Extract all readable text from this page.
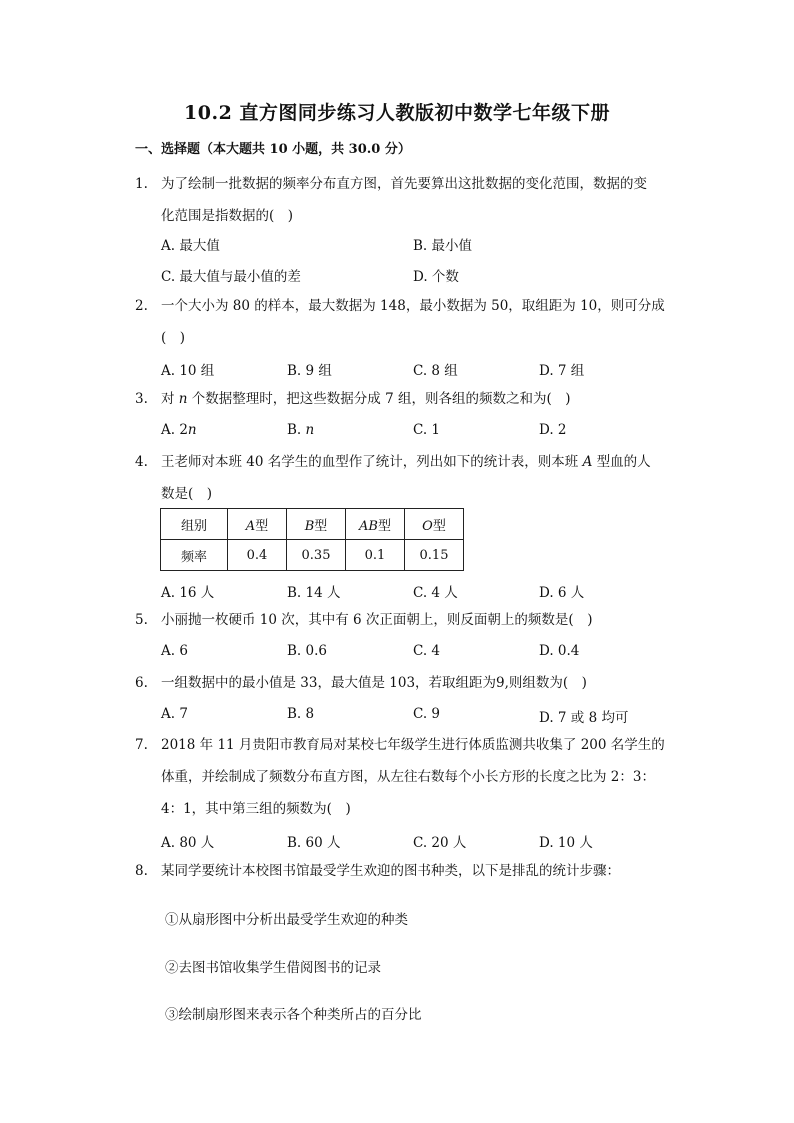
10.2 直方图同步练习人教版初中数学七年级下册
一、选择题（本大题共 10 小题，共 30.0 分）
1. 为了绘制一批数据的频率分布直方图，首先要算出这批数据的变化范围，数据的变
化范围是指数据的(　)
A. 最大值	B. 最小值
C. 最大值与最小值的差	D. 个数
2. 一个大小为 80 的样本，最大数据为 148，最小数据为 50，取组距为 10，则可分成
(　)
A. 10 组	B. 9 组	C. 8 组	D. 7 组
3. 对 n 个数据整理时，把这些数据分成 7 组，则各组的频数之和为(　)
A. 2n	B. n	C. 1	D. 2
4. 王老师对本班 40 名学生的血型作了统计，列出如下的统计表，则本班 A 型血的人
数是(　)
组别	A型	B型	AB型	O型
频率	0.4	0.35	0.1	0.15
A. 16 人	B. 14 人	C. 4 人	D. 6 人
5. 小丽抛一枚硬币 10 次，其中有 6 次正面朝上，则反面朝上的频数是(　)
A. 6	B. 0.6	C. 4	D. 0.4
6. 一组数据中的最小值是 33，最大值是 103，若取组距为9,则组数为(　)
A. 7	B. 8	C. 9	D. 7 或 8 均可
7. 2018 年 11 月贵阳市教育局对某校七年级学生进行体质监测共收集了 200 名学生的
体重，并绘制成了频数分布直方图，从左往右数每个小长方形的长度之比为 2：3：
4：1，其中第三组的频数为(　)
A. 80 人	B. 60 人	C. 20 人	D. 10 人
8. 某同学要统计本校图书馆最受学生欢迎的图书种类，以下是排乱的统计步骤：
①从扇形图中分析出最受学生欢迎的种类
②去图书馆收集学生借阅图书的记录
③绘制扇形图来表示各个种类所占的百分比
